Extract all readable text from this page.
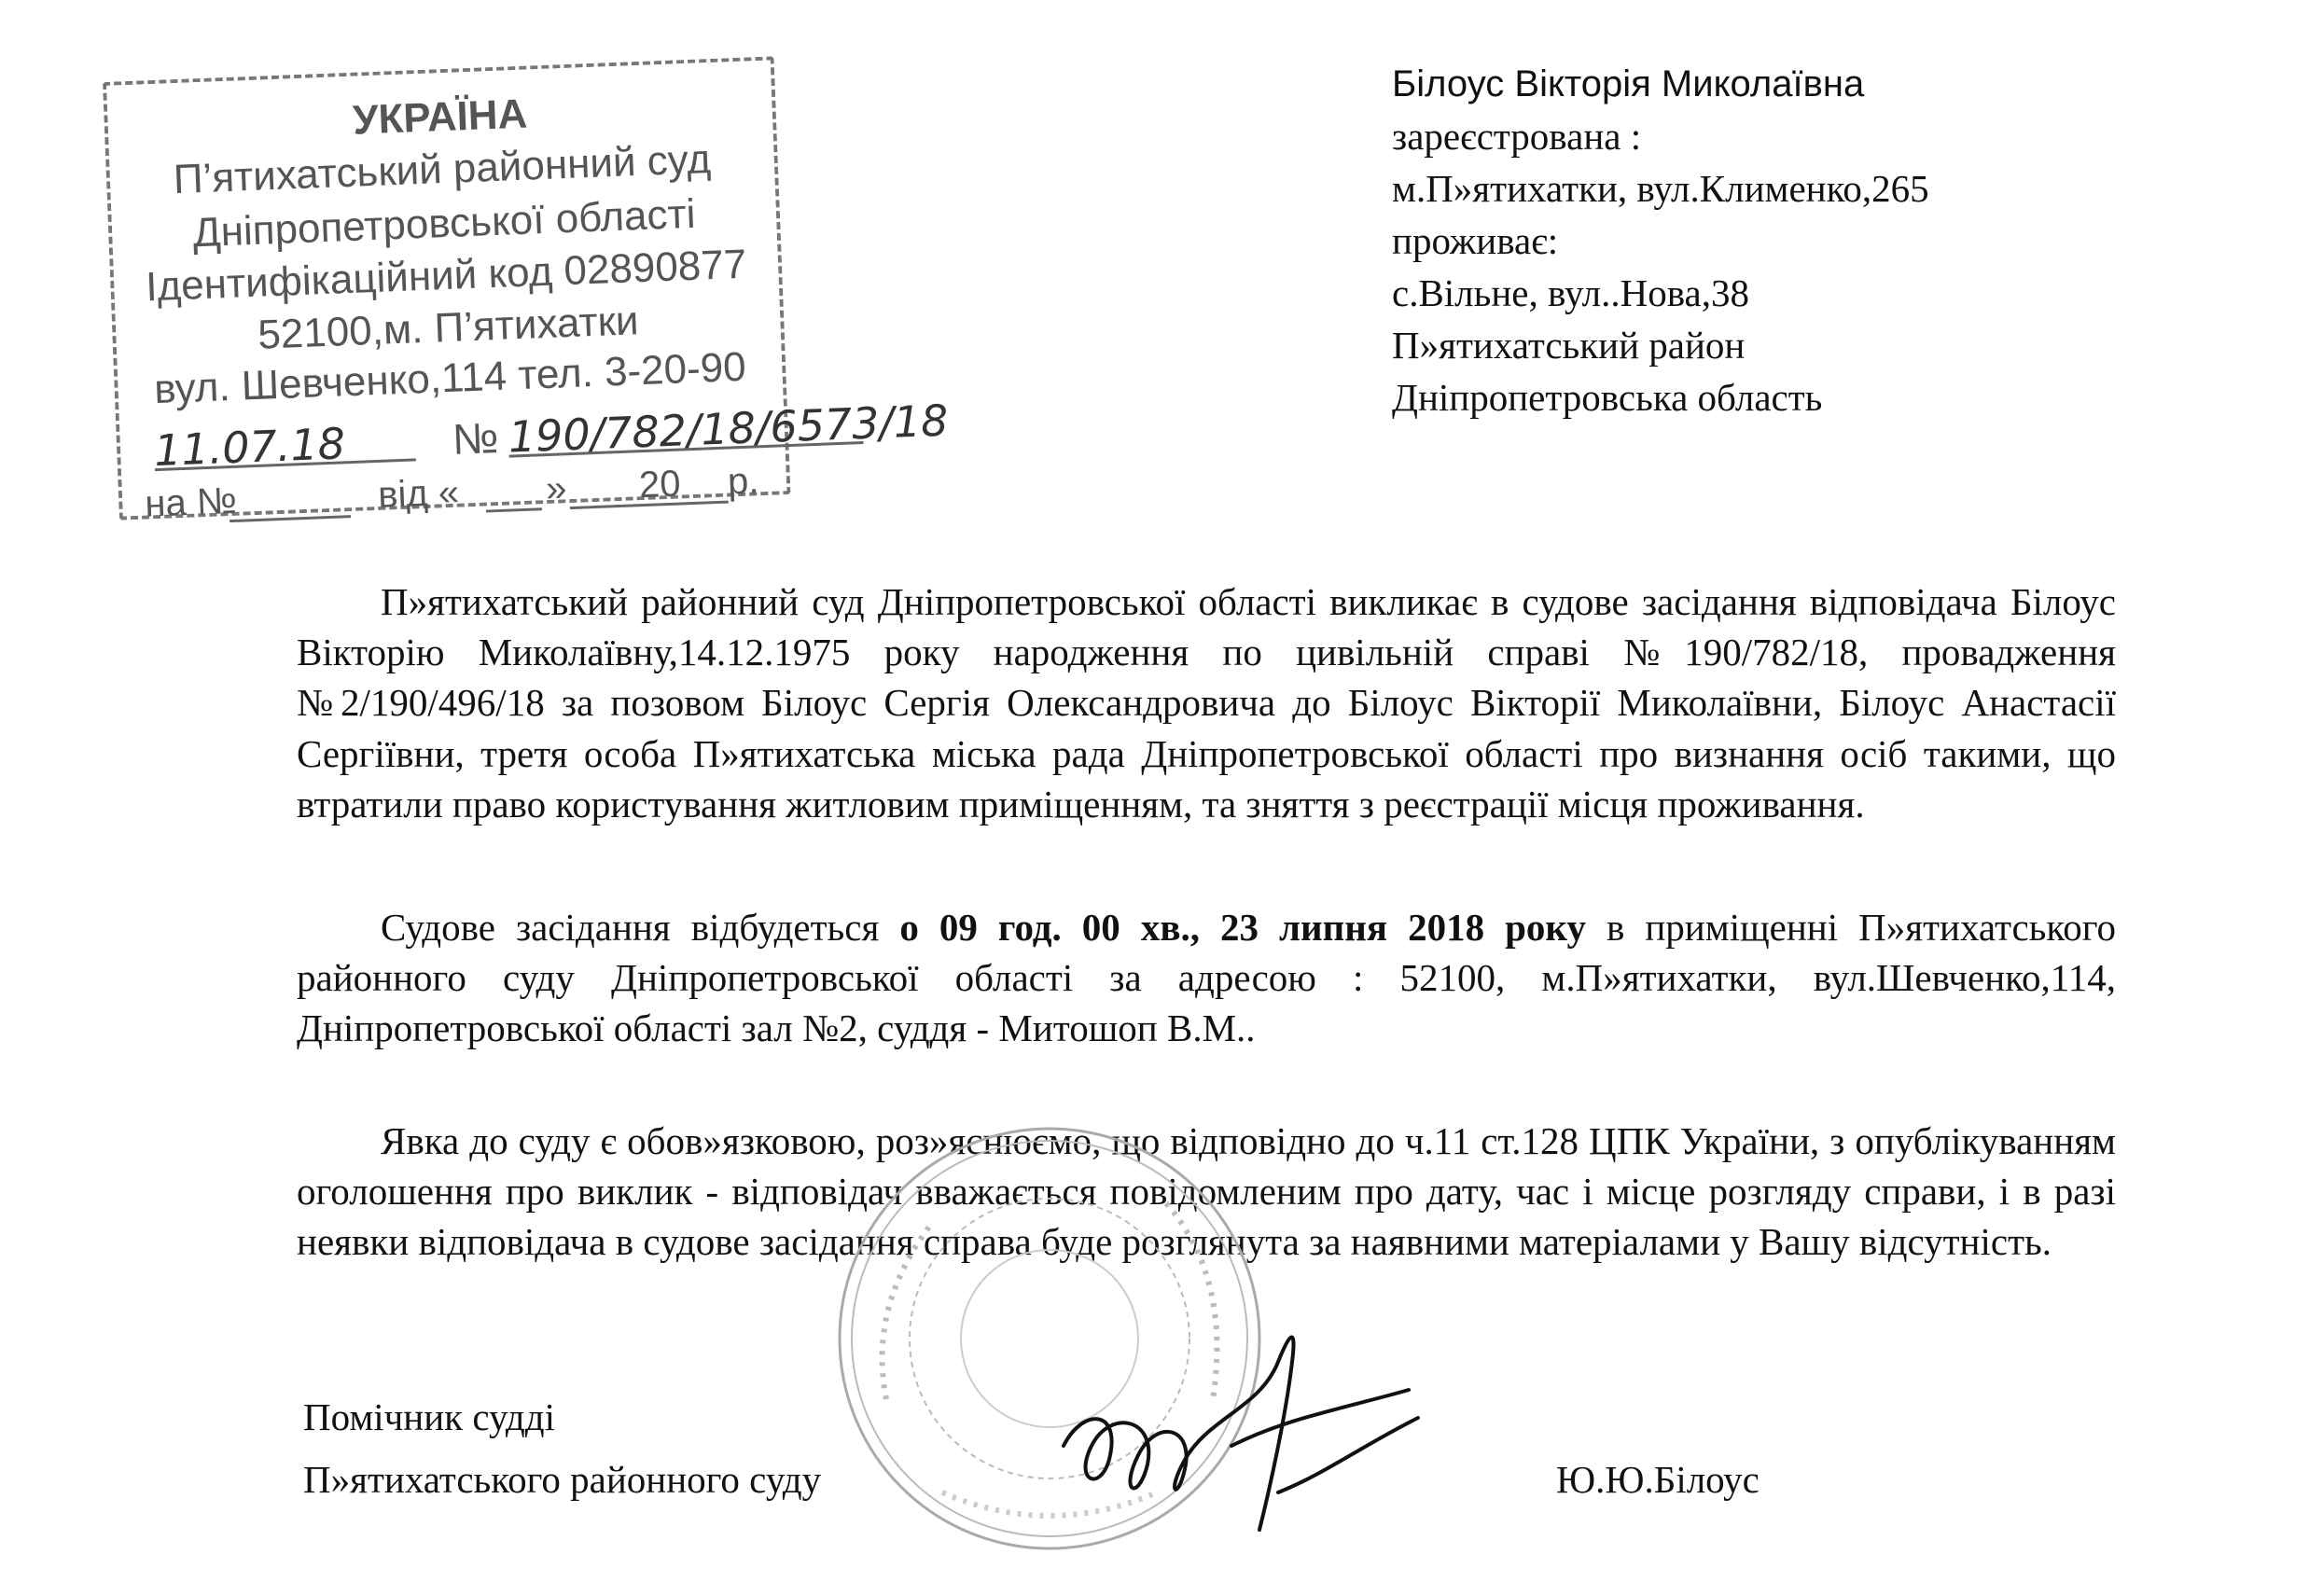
УКРАЇНА
П’ятихатський районний суд
Дніпропетровської області
Ідентифікаційний код 02890877
52100,м. П’ятихатки
вул. Шевченко,114 тел. 3-20-90
11.07.18 № 190/782/18/6573/18
на №	від « » 20 р.
Білоус Вікторія Миколаївна
зареєстрована :
м.П»ятихатки, вул.Клименко,265
проживає:
с.Вільне, вул..Нова,38
П»ятихатський район
Дніпропетровська область
П»ятихатський районний суд Дніпропетровської області викликає в судове засідання відповідача Білоус Вікторію Миколаївну,14.12.1975 року народження по цивільній справі №190/782/18, провадження №2/190/496/18 за позовом Білоус Сергія Олександровича до Білоус Вікторії Миколаївни, Білоус Анастасії Сергіївни, третя особа П»ятихатська міська рада Дніпропетровської області про визнання осіб такими, що втратили право користування житловим приміщенням, та зняття з реєстрації місця проживання.
Судове засідання відбудеться о 09 год. 00 хв., 23 липня 2018 року в приміщенні П»ятихатського районного суду Дніпропетровської області за адресою : 52100, м.П»ятихатки, вул.Шевченко,114, Дніпропетровської області зал №2, суддя - Митошоп В.М..
Явка до суду є обов»язковою, роз»яснюємо, що відповідно до ч.11 ст.128 ЦПК України, з опублікуванням оголошення про виклик - відповідач вважається повідомленим про дату, час і місце розгляду справи, і в разі неявки відповідача в судове засідання справа буде розглянута за наявними матеріалами у Вашу відсутність.
Помічник судді
П»ятихатського районного суду	Ю.Ю.Білоус
